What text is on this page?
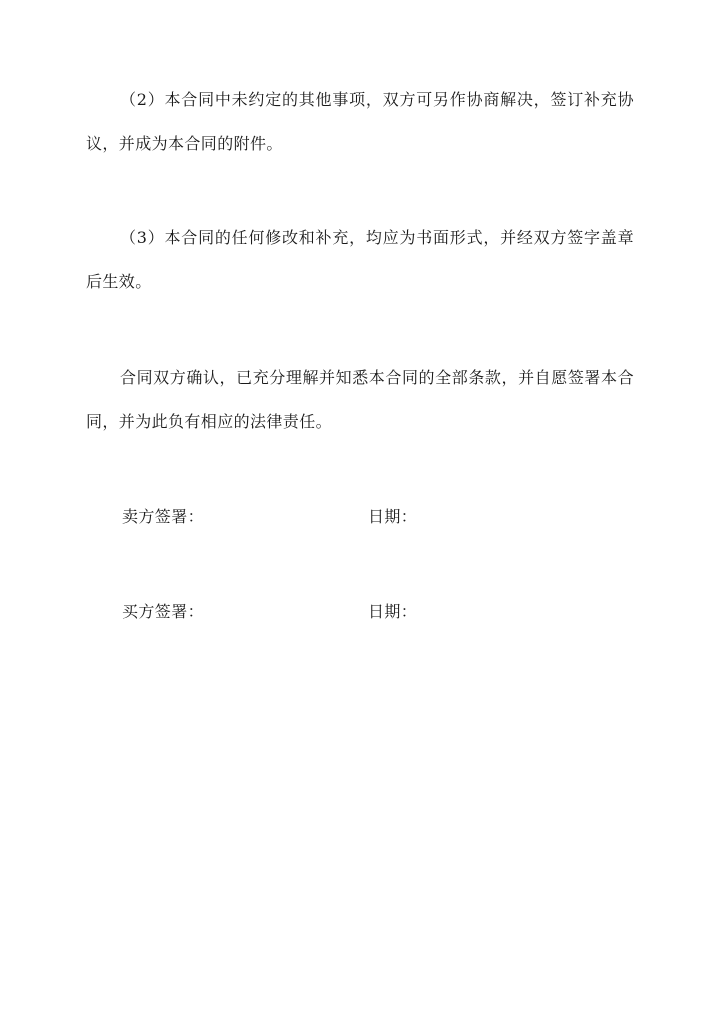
（2）本合同中未约定的其他事项，双方可另作协商解决，签订补充协议，并成为本合同的附件。

（3）本合同的任何修改和补充，均应为书面形式，并经双方签字盖章后生效。

合同双方确认，已充分理解并知悉本合同的全部条款，并自愿签署本合同，并为此负有相应的法律责任。

卖方签署：	日期：
买方签署：	日期：
